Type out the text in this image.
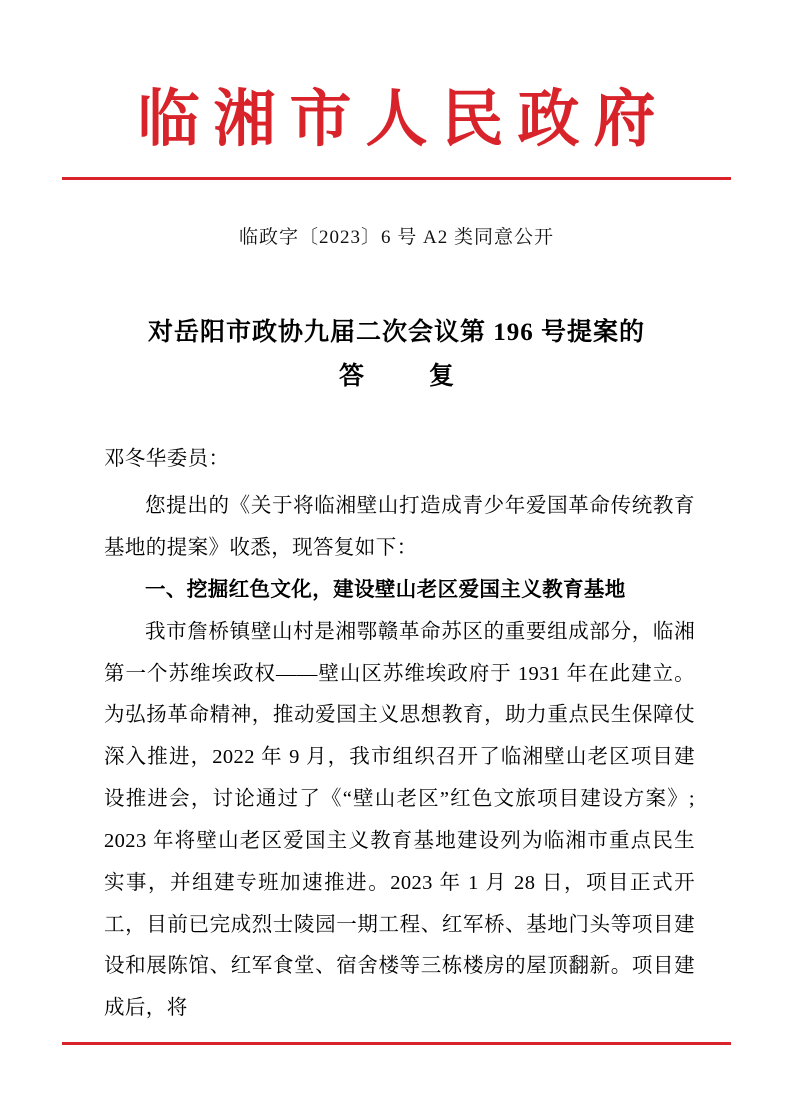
临湘市人民政府
临政字〔2023〕6 号 A2 类同意公开
对岳阳市政协九届二次会议第 196 号提案的
答　复

邓冬华委员：

您提出的《关于将临湘壁山打造成青少年爱国革命传统教育基地的提案》收悉，现答复如下：

一、挖掘红色文化，建设壁山老区爱国主义教育基地

我市詹桥镇壁山村是湘鄂赣革命苏区的重要组成部分，临湘第一个苏维埃政权——壁山区苏维埃政府于 1931 年在此建立。为弘扬革命精神，推动爱国主义思想教育，助力重点民生保障仗深入推进，2022 年 9 月，我市组织召开了临湘壁山老区项目建设推进会，讨论通过了《“壁山老区”红色文旅项目建设方案》; 2023 年将壁山老区爱国主义教育基地建设列为临湘市重点民生实事，并组建专班加速推进。2023 年 1 月 28 日，项目正式开工，目前已完成烈士陵园一期工程、红军桥、基地门头等项目建设和展陈馆、红军食堂、宿舍楼等三栋楼房的屋顶翻新。项目建成后，将
